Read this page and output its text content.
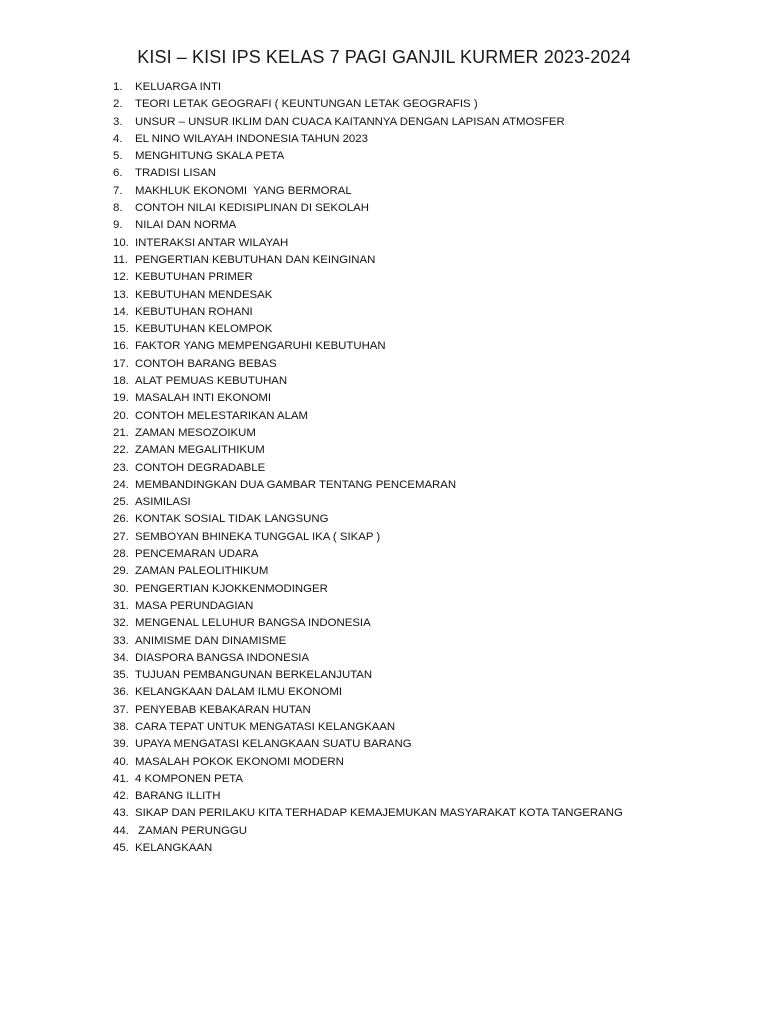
KISI – KISI IPS KELAS 7 PAGI GANJIL KURMER 2023-2024
1.	KELUARGA INTI
2.	TEORI LETAK GEOGRAFI ( KEUNTUNGAN LETAK GEOGRAFIS )
3.	UNSUR – UNSUR IKLIM DAN CUACA KAITANNYA DENGAN LAPISAN ATMOSFER
4.	EL NINO WILAYAH INDONESIA TAHUN 2023
5.	MENGHITUNG SKALA PETA
6.	TRADISI LISAN
7.	MAKHLUK EKONOMI  YANG BERMORAL
8.	CONTOH NILAI KEDISIPLINAN DI SEKOLAH
9.	NILAI DAN NORMA
10. INTERAKSI ANTAR WILAYAH
11. PENGERTIAN KEBUTUHAN DAN KEINGINAN
12. KEBUTUHAN PRIMER
13. KEBUTUHAN MENDESAK
14. KEBUTUHAN ROHANI
15. KEBUTUHAN KELOMPOK
16. FAKTOR YANG MEMPENGARUHI KEBUTUHAN
17. CONTOH BARANG BEBAS
18. ALAT PEMUAS KEBUTUHAN
19. MASALAH INTI EKONOMI
20. CONTOH MELESTARIKAN ALAM
21. ZAMAN MESOZOIKUM
22. ZAMAN MEGALITHIKUM
23. CONTOH DEGRADABLE
24. MEMBANDINGKAN DUA GAMBAR TENTANG PENCEMARAN
25. ASIMILASI
26. KONTAK SOSIAL TIDAK LANGSUNG
27. SEMBOYAN BHINEKA TUNGGAL IKA ( SIKAP )
28. PENCEMARAN UDARA
29. ZAMAN PALEOLITHIKUM
30. PENGERTIAN KJOKKENMODINGER
31. MASA PERUNDAGIAN
32. MENGENAL LELUHUR BANGSA INDONESIA
33. ANIMISME DAN DINAMISME
34. DIASPORA BANGSA INDONESIA
35. TUJUAN PEMBANGUNAN BERKELANJUTAN
36. KELANGKAAN DALAM ILMU EKONOMI
37. PENYEBAB KEBAKARAN HUTAN
38. CARA TEPAT UNTUK MENGATASI KELANGKAAN
39. UPAYA MENGATASI KELANGKAAN SUATU BARANG
40. MASALAH POKOK EKONOMI MODERN
41. 4 KOMPONEN PETA
42. BARANG ILLITH
43. SIKAP DAN PERILAKU KITA TERHADAP KEMAJEMUKAN MASYARAKAT KOTA TANGERANG
44. ZAMAN PERUNGGU
45. KELANGKAAN
